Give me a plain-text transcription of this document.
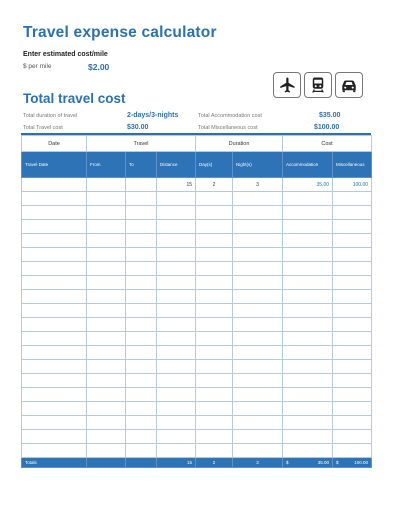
Travel expense calculator
Enter estimated cost/mile
$ per mile	$2.00
Total travel cost
Total duration of travel	2-days/3-nights	Total Accommodation cost	$35.00
Total Travel cost	$30.00	Total Miscellaneous cost	$100.00
Date	Travel			Duration		Cost	
Travel Date	From	To	Distance	Day(s)	Night(s)	Accommodation	Miscellaneous
			15	2	3	35.00	100.00

Totals			15	2	3	$ 35.00	$ 100.00
